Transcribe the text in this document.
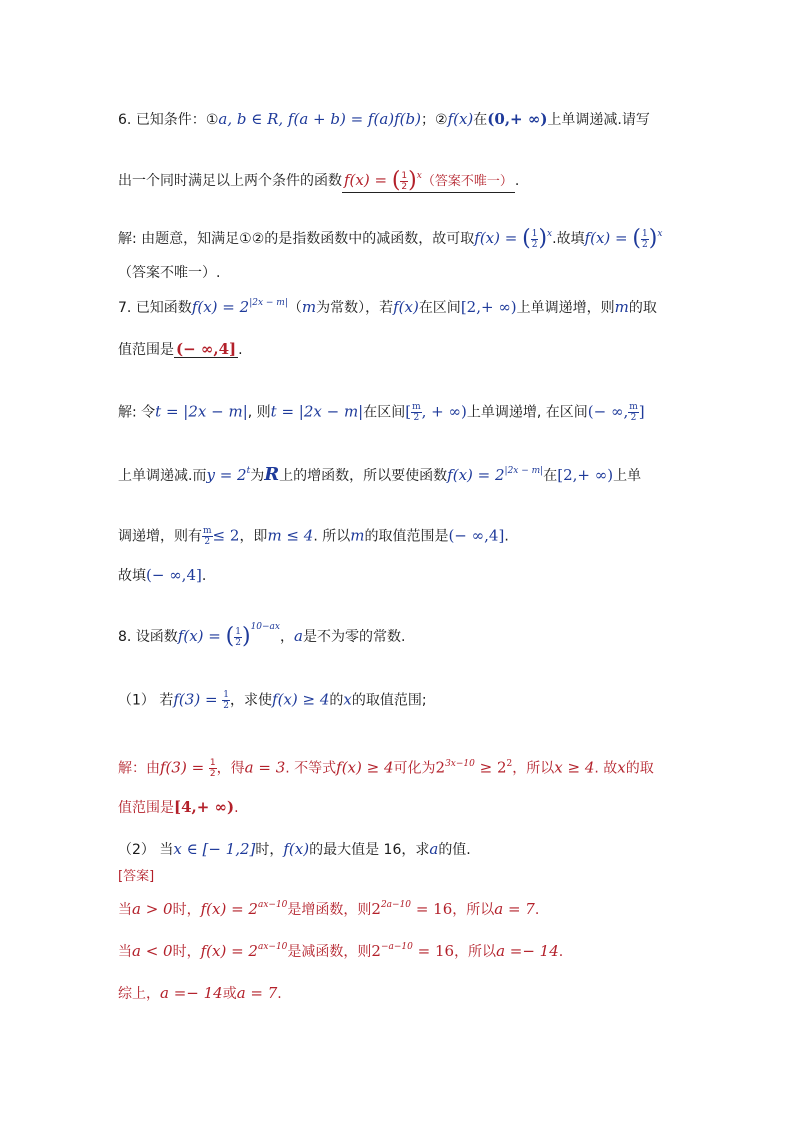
6. 已知条件：①a, b ∈ R, f(a + b) = f(a)f(b)；②f(x)在(0,+ ∞)上单调递减.请写
出一个同时满足以上两个条件的函数 f(x) = ( $\frac{1}{2} )^x$（答案不唯一） .
解: 由题意，知满足①②的是指数函数中的减函数，故可取f(x) = ( $\frac{1}{2} )^x$.故填f(x) = ( $\frac{1}{2} )^x$
（答案不唯一）.
7. 已知函数$f(x) = 2^{|2x - m|}(m$为常数），若f(x)在区间[2,+ ∞)上单调递增，则m的取
值范围是 (− ∞,4] .
解: 令t = |2x − m|, 则t = |2x − m|在区间[ $\frac{m}{2}$ , + ∞)上单调递增, 在区间(− ∞, $\frac{m}{2}$ ]
上单调递减.而$y = 2^t$为R上的增函数，所以要使函数$f(x) = 2^{|2x - m|}$在[2,+ ∞)上单
调递增，则有 $\frac{m}{2} \le 2$，即m ≤ 4. 所以m的取值范围是(− ∞,4].
故填(− ∞,4].
8. 设函数f(x) = ( $\frac{1}{2} )^{10-ax}$，a是不为零的常数.
（1） 若$f(3) = \frac{1}{2}$ ，求使f(x) ≥ 4的x的取值范围;
解：由$f(3) = \frac{1}{2}$ ，得a = 3. 不等式f(x) ≥ 4可化为$2^{3x-10} \ge 2^2$，所以x ≥ 4. 故x的取
值范围是[4,+ ∞).
（2） 当x ∈ [− 1,2]时，f(x)的最大值是 16，求a的值.
[答案]
当a > 0时，$f(x) = 2^{ax-10}$是增函数，则$2^{2a-10} = 16$，所以a = 7.
当a < 0时，$f(x) = 2^{ax-10}$是减函数，则$2^{-a-10} = 16$，所以a =− 14.
综上，a =− 14或a = 7.
